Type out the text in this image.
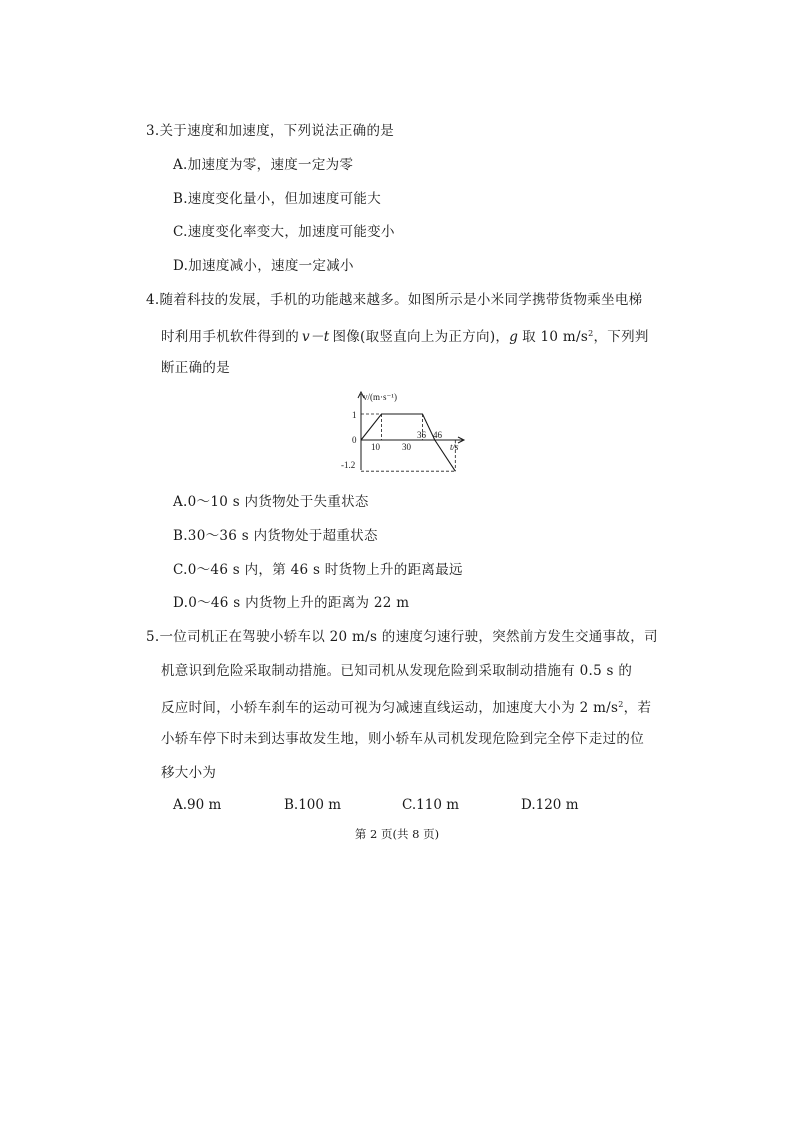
3.关于速度和加速度，下列说法正确的是
A.加速度为零，速度一定为零
B.速度变化量小，但加速度可能大
C.速度变化率变大，加速度可能变小
D.加速度减小，速度一定减小
4.随着科技的发展，手机的功能越来越多。如图所示是小米同学携带货物乘坐电梯
时利用手机软件得到的 v－t 图像(取竖直向上为正方向)，g 取 10 $m/s^2$，下列判
断正确的是
v/(m·s⁻¹)
t/s
1
0
-1.2
10 30
36 46
A.0～10 s 内货物处于失重状态
B.30～36 s 内货物处于超重状态
C.0～46 s 内，第 46 s 时货物上升的距离最远
D.0～46 s 内货物上升的距离为 22 m
5.一位司机正在驾驶小轿车以 20 m/s 的速度匀速行驶，突然前方发生交通事故，司
机意识到危险采取制动措施。已知司机从发现危险到采取制动措施有 0.5 s 的
反应时间，小轿车刹车的运动可视为匀减速直线运动，加速度大小为 2 $m/s^2$，若
小轿车停下时未到达事故发生地，则小轿车从司机发现危险到完全停下走过的位
移大小为
A.90 m	B.100 m	C.110 m	D.120 m
第 2 页(共 8 页)
